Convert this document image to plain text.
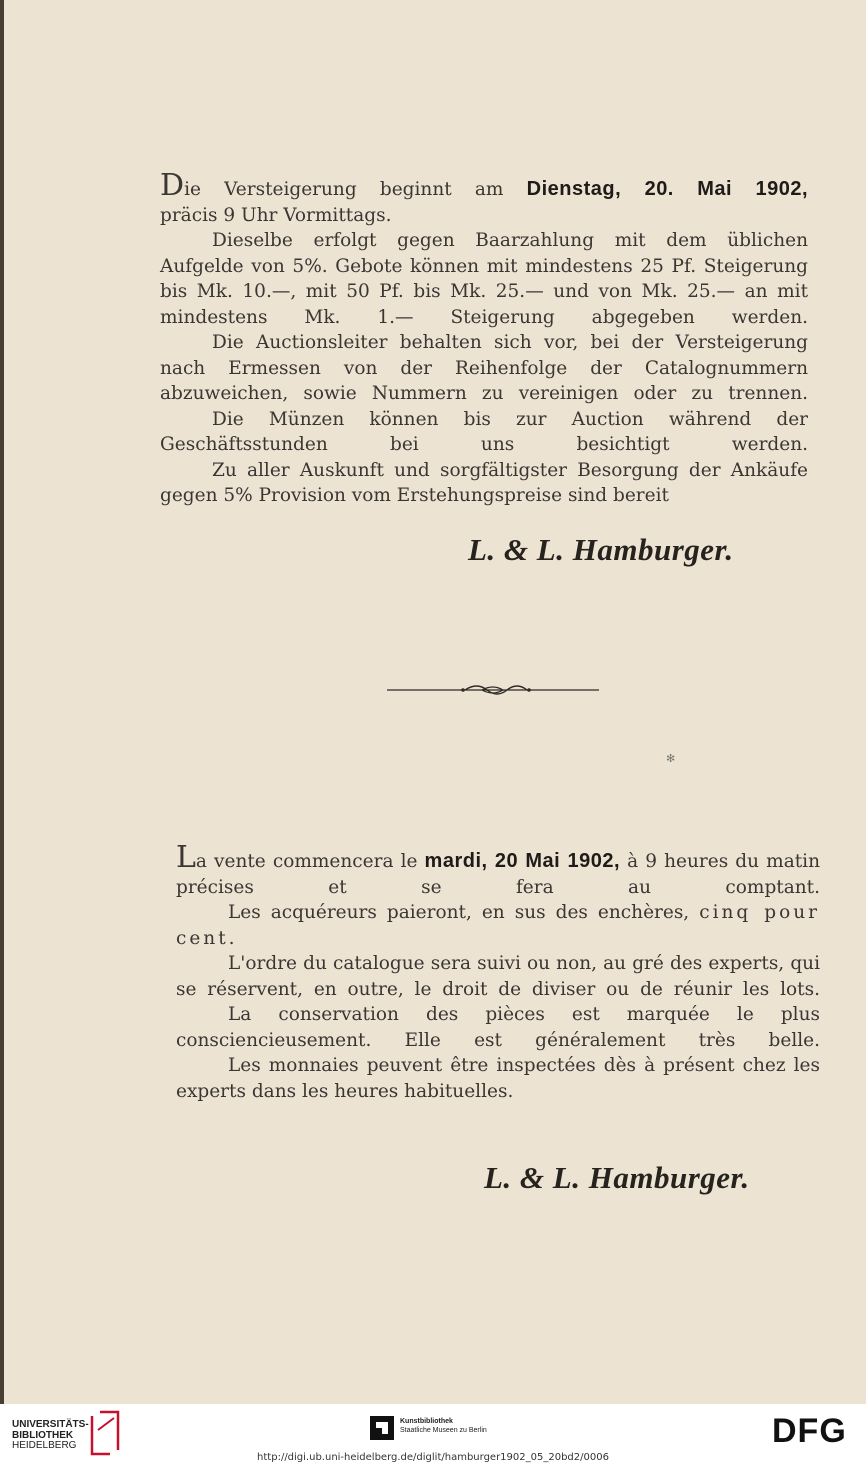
Die Versteigerung beginnt am Dienstag, 20. Mai 1902,

präcis 9 Uhr Vormittags.

Dieselbe erfolgt gegen Baarzahlung mit dem üblichen Aufgelde von 5%. Gebote können mit mindestens 25 Pf. Steigerung bis Mk. 10.—, mit 50 Pf. bis Mk. 25.— und von Mk. 25.— an mit mindestens Mk. 1.— Steigerung abgegeben werden.

Die Auctionsleiter behalten sich vor, bei der Versteigerung nach Ermessen von der Reihenfolge der Catalognummern abzuweichen, sowie Nummern zu vereinigen oder zu trennen.

Die Münzen können bis zur Auction während der Geschäftsstunden bei uns besichtigt werden.

Zu aller Auskunft und sorgfältigster Besorgung der Ankäufe gegen 5% Provision vom Erstehungspreise sind bereit

L. & L. Hamburger.
✻

La vente commencera le mardi, 20 Mai 1902, à 9 heures du matin précises et se fera au comptant.

Les acquéreurs paieront, en sus des enchères, cinq pour cent.

L'ordre du catalogue sera suivi ou non, au gré des experts, qui se réservent, en outre, le droit de diviser ou de réunir les lots.

La conservation des pièces est marquée le plus consciencieusement. Elle est généralement très belle.

Les monnaies peuvent être inspectées dès à présent chez les experts dans les heures habituelles.

L. & L. Hamburger.
UNIVERSITÄTS-
BIBLIOTHEK
HEIDELBERG
Kunstbibliothek
Staatliche Museen zu Berlin	DFG
http://digi.ub.uni-heidelberg.de/diglit/hamburger1902_05_20bd2/0006
